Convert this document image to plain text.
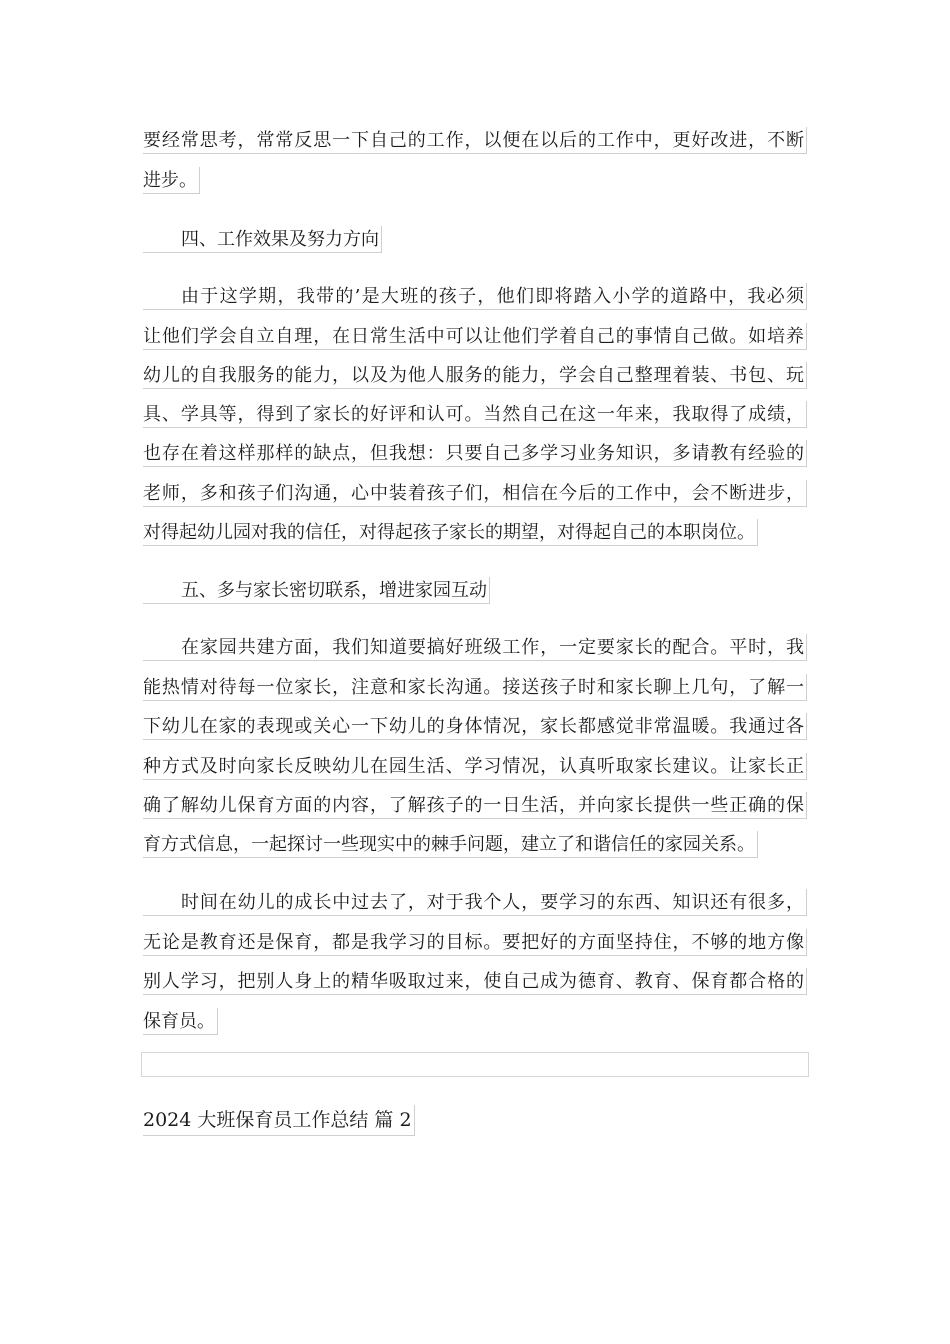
要经常思考，常常反思一下自己的工作，以便在以后的工作中，更好改进，不断
进步。
四、工作效果及努力方向
由于这学期，我带的’是大班的孩子，他们即将踏入小学的道路中，我必须
让他们学会自立自理，在日常生活中可以让他们学着自己的事情自己做。如培养
幼儿的自我服务的能力，以及为他人服务的能力，学会自己整理着装、书包、玩
具、学具等，得到了家长的好评和认可。当然自己在这一年来，我取得了成绩，
也存在着这样那样的缺点，但我想：只要自己多学习业务知识，多请教有经验的
老师，多和孩子们沟通，心中装着孩子们，相信在今后的工作中，会不断进步，
对得起幼儿园对我的信任，对得起孩子家长的期望，对得起自己的本职岗位。
五、多与家长密切联系，增进家园互动
在家园共建方面，我们知道要搞好班级工作，一定要家长的配合。平时，我
能热情对待每一位家长，注意和家长沟通。接送孩子时和家长聊上几句，了解一
下幼儿在家的表现或关心一下幼儿的身体情况，家长都感觉非常温暖。我通过各
种方式及时向家长反映幼儿在园生活、学习情况，认真听取家长建议。让家长正
确了解幼儿保育方面的内容，了解孩子的一日生活，并向家长提供一些正确的保
育方式信息，一起探讨一些现实中的棘手问题，建立了和谐信任的家园关系。
时间在幼儿的成长中过去了，对于我个人，要学习的东西、知识还有很多，
无论是教育还是保育，都是我学习的目标。要把好的方面坚持住，不够的地方像
别人学习，把别人身上的精华吸取过来，使自己成为德育、教育、保育都合格的
保育员。
2024 大班保育员工作总结 篇 2
